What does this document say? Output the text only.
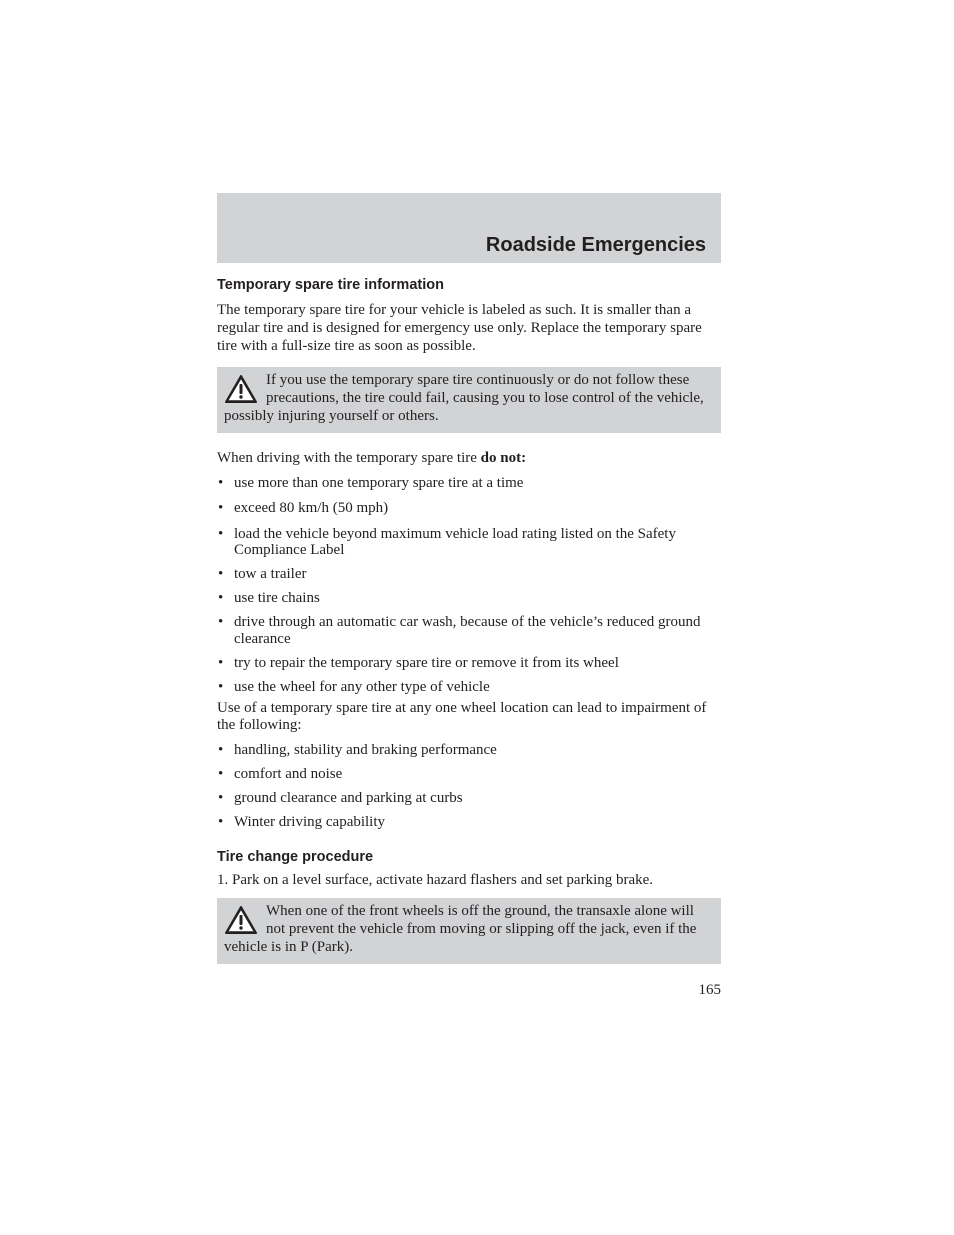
Roadside Emergencies
Temporary spare tire information

The temporary spare tire for your vehicle is labeled as such. It is smaller than a regular tire and is designed for emergency use only. Replace the temporary spare tire with a full-size tire as soon as possible.

If you use the temporary spare tire continuously or do not follow these precautions, the tire could fail, causing you to lose control of the vehicle, possibly injuring yourself or others.

When driving with the temporary spare tire do not:

• use more than one temporary spare tire at a time
• exceed 80 km/h (50 mph)
• load the vehicle beyond maximum vehicle load rating listed on the Safety Compliance Label
• tow a trailer
• use tire chains
• drive through an automatic car wash, because of the vehicle’s reduced ground clearance
• try to repair the temporary spare tire or remove it from its wheel
• use the wheel for any other type of vehicle

Use of a temporary spare tire at any one wheel location can lead to impairment of the following:

• handling, stability and braking performance
• comfort and noise
• ground clearance and parking at curbs
• Winter driving capability
Tire change procedure

1. Park on a level surface, activate hazard flashers and set parking brake.

When one of the front wheels is off the ground, the transaxle alone will not prevent the vehicle from moving or slipping off the jack, even if the vehicle is in P (Park).

165
